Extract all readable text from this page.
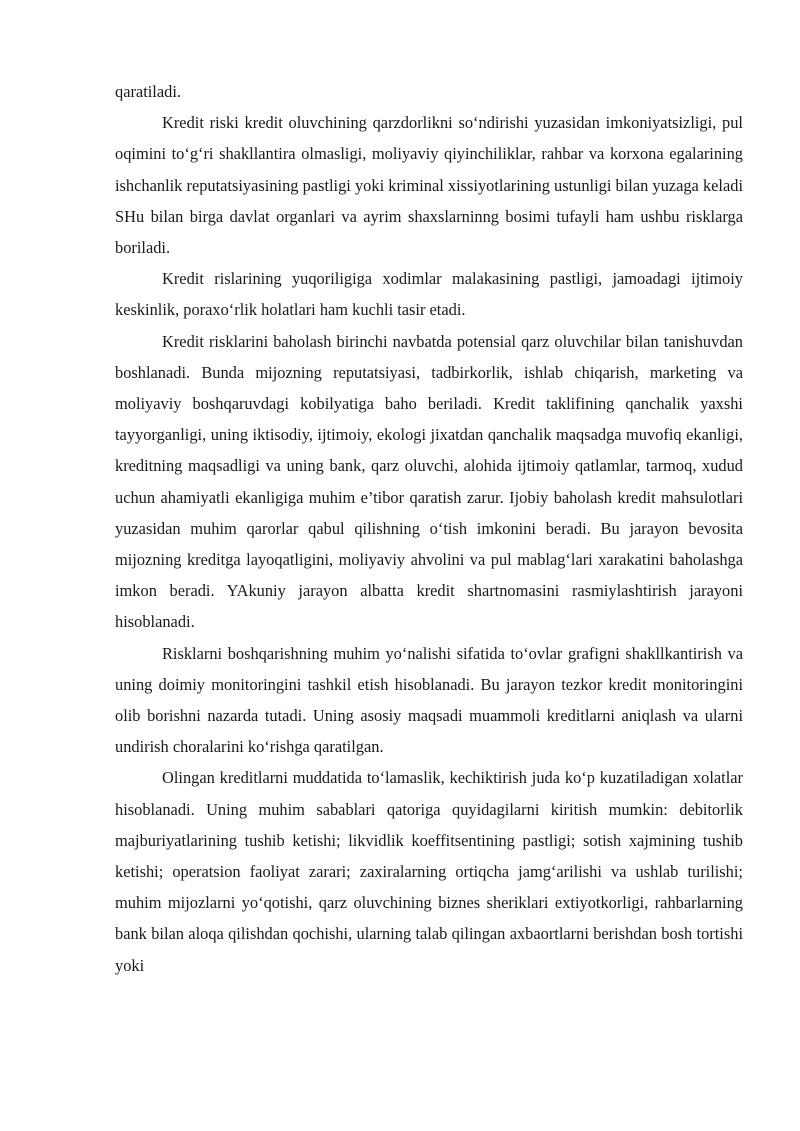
qaratiladi.

Kredit riski kredit oluvchining qarzdorlikni so‘ndirishi yuzasidan imkoniyatsizligi, pul oqimini to‘g‘ri shakllantira olmasligi, moliyaviy qiyinchiliklar, rahbar va korxona egalarining ishchanlik reputatsiyasining pastligi yoki kriminal xissiyotlarining ustunligi bilan yuzaga keladi SHu bilan birga davlat organlari va ayrim shaxslarninng bosimi tufayli ham ushbu risklarga boriladi.

Kredit rislarining yuqoriligiga xodimlar malakasining pastligi, jamoadagi ijtimoiy keskinlik, poraxo‘rlik holatlari ham kuchli tasir etadi.

Kredit risklarini baholash birinchi navbatda potensial qarz oluvchilar bilan tanishuvdan boshlanadi. Bunda mijozning reputatsiyasi, tadbirkorlik, ishlab chiqarish, marketing va moliyaviy boshqaruvdagi kobilyatiga baho beriladi. Kredit taklifining qanchalik yaxshi tayyorganligi, uning iktisodiy, ijtimoiy, ekologi jixatdan qanchalik maqsadga muvofiq ekanligi, kreditning maqsadligi va uning bank, qarz oluvchi, alohida ijtimoiy qatlamlar, tarmoq, xudud uchun ahamiyatli ekanligiga muhim e’tibor qaratish zarur. Ijobiy baholash kredit mahsulotlari yuzasidan muhim qarorlar qabul qilishning o‘tish imkonini beradi. Bu jarayon bevosita mijozning kreditga layoqatligini, moliyaviy ahvolini va pul mablag‘lari xarakatini baholashga imkon beradi. YAkuniy jarayon albatta kredit shartnomasini rasmiylashtirish jarayoni hisoblanadi.

Risklarni boshqarishning muhim yo‘nalishi sifatida to‘ovlar grafigni shakllkantirish va uning doimiy monitoringini tashkil etish hisoblanadi. Bu jarayon tezkor kredit monitoringini olib borishni nazarda tutadi. Uning asosiy maqsadi muammoli kreditlarni aniqlash va ularni undirish choralarini ko‘rishga qaratilgan.

Olingan kreditlarni muddatida to‘lamaslik, kechiktirish juda ko‘p kuzatiladigan xolatlar hisoblanadi. Uning muhim sabablari qatoriga quyidagilarni kiritish mumkin: debitorlik majburiyatlarining tushib ketishi; likvidlik koeffitsentining pastligi; sotish xajmining tushib ketishi; operatsion faoliyat zarari; zaxiralarning ortiqcha jamg‘arilishi va ushlab turilishi; muhim mijozlarni yo‘qotishi, qarz oluvchining biznes sheriklari extiyotkorligi, rahbarlarning bank bilan aloqa qilishdan qochishi, ularning talab qilingan axbaortlarni berishdan bosh tortishi yoki
